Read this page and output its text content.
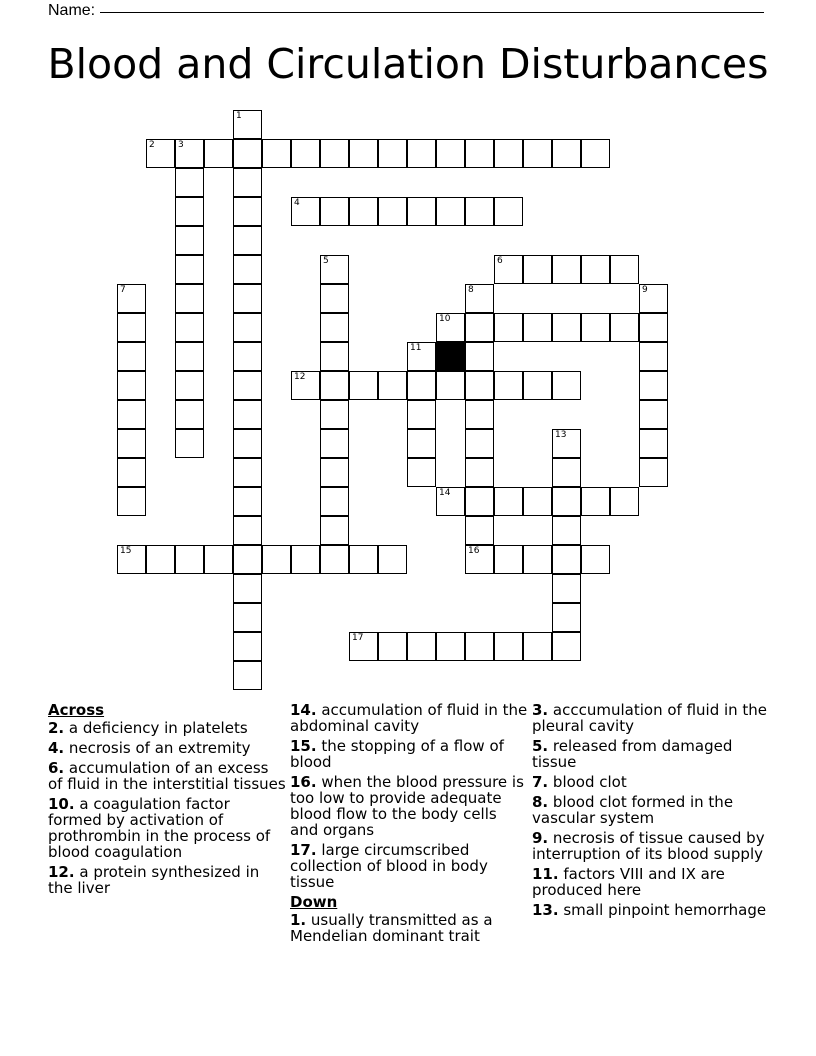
Name:
Blood and Circulation Disturbances
1
3
5
7	8
16
9
11
13
2
4
6
10
12
14
15
17
Across
2. a deficiency in platelets
4. necrosis of an extremity
6. accumulation of an excess of fluid in the interstitial tissues
10. a coagulation factor formed by activation of prothrombin in the process of blood coagulation
12. a protein synthesized in the liver
14. accumulation of fluid in the abdominal cavity
15. the stopping of a flow of blood
16. when the blood pressure is too low to provide adequate blood flow to the body cells and organs
17. large circumscribed collection of blood in body tissue
Down
1. usually transmitted as a Mendelian dominant trait
3. acccumulation of fluid in the pleural cavity
5. released from damaged tissue
7. blood clot
8. blood clot formed in the vascular system
9. necrosis of tissue caused by interruption of its blood supply
11. factors VIII and IX are produced here
13. small pinpoint hemorrhage
